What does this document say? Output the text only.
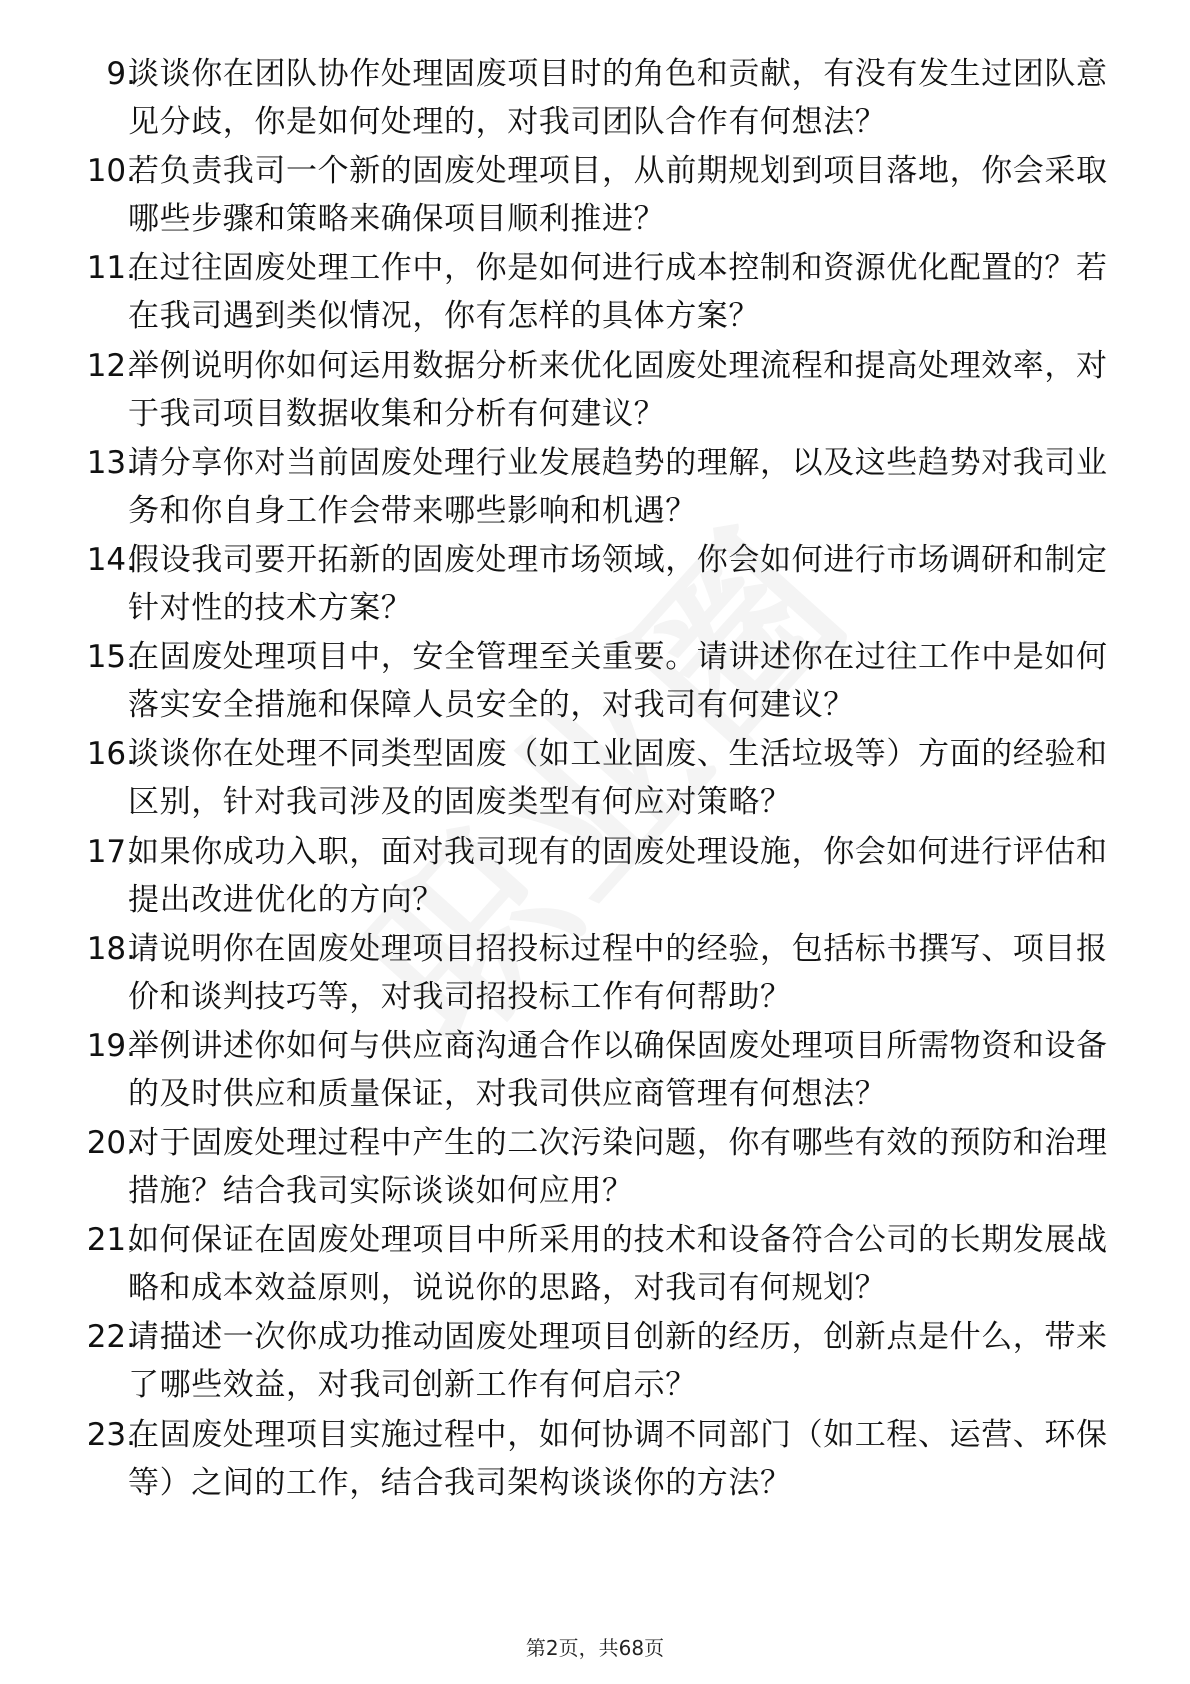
9.
谈谈你在团队协作处理固废项目时的角色和贡献，有没有发生过团队意见分歧，你是如何处理的，对我司团队合作有何想法？
10.
若负责我司一个新的固废处理项目，从前期规划到项目落地，你会采取哪些步骤和策略来确保项目顺利推进？
11.
在过往固废处理工作中，你是如何进行成本控制和资源优化配置的？若在我司遇到类似情况，你有怎样的具体方案？
12.
举例说明你如何运用数据分析来优化固废处理流程和提高处理效率，对于我司项目数据收集和分析有何建议？
13.
请分享你对当前固废处理行业发展趋势的理解，以及这些趋势对我司业务和你自身工作会带来哪些影响和机遇？
14.
假设我司要开拓新的固废处理市场领域，你会如何进行市场调研和制定针对性的技术方案？
15.
在固废处理项目中，安全管理至关重要。请讲述你在过往工作中是如何落实安全措施和保障人员安全的，对我司有何建议？
16.
谈谈你在处理不同类型固废（如工业固废、生活垃圾等）方面的经验和区别，针对我司涉及的固废类型有何应对策略？
17.
如果你成功入职，面对我司现有的固废处理设施，你会如何进行评估和提出改进优化的方向？
18.
请说明你在固废处理项目招投标过程中的经验，包括标书撰写、项目报价和谈判技巧等，对我司招投标工作有何帮助？
19.
举例讲述你如何与供应商沟通合作以确保固废处理项目所需物资和设备的及时供应和质量保证，对我司供应商管理有何想法？
20.
对于固废处理过程中产生的二次污染问题，你有哪些有效的预防和治理措施？结合我司实际谈谈如何应用？
21.
如何保证在固废处理项目中所采用的技术和设备符合公司的长期发展战略和成本效益原则，说说你的思路，对我司有何规划？
22.
请描述一次你成功推动固废处理项目创新的经历，创新点是什么，带来了哪些效益，对我司创新工作有何启示？
23.
在固废处理项目实施过程中，如何协调不同部门（如工程、运营、环保等）之间的工作，结合我司架构谈谈你的方法？
第2页，共68页
